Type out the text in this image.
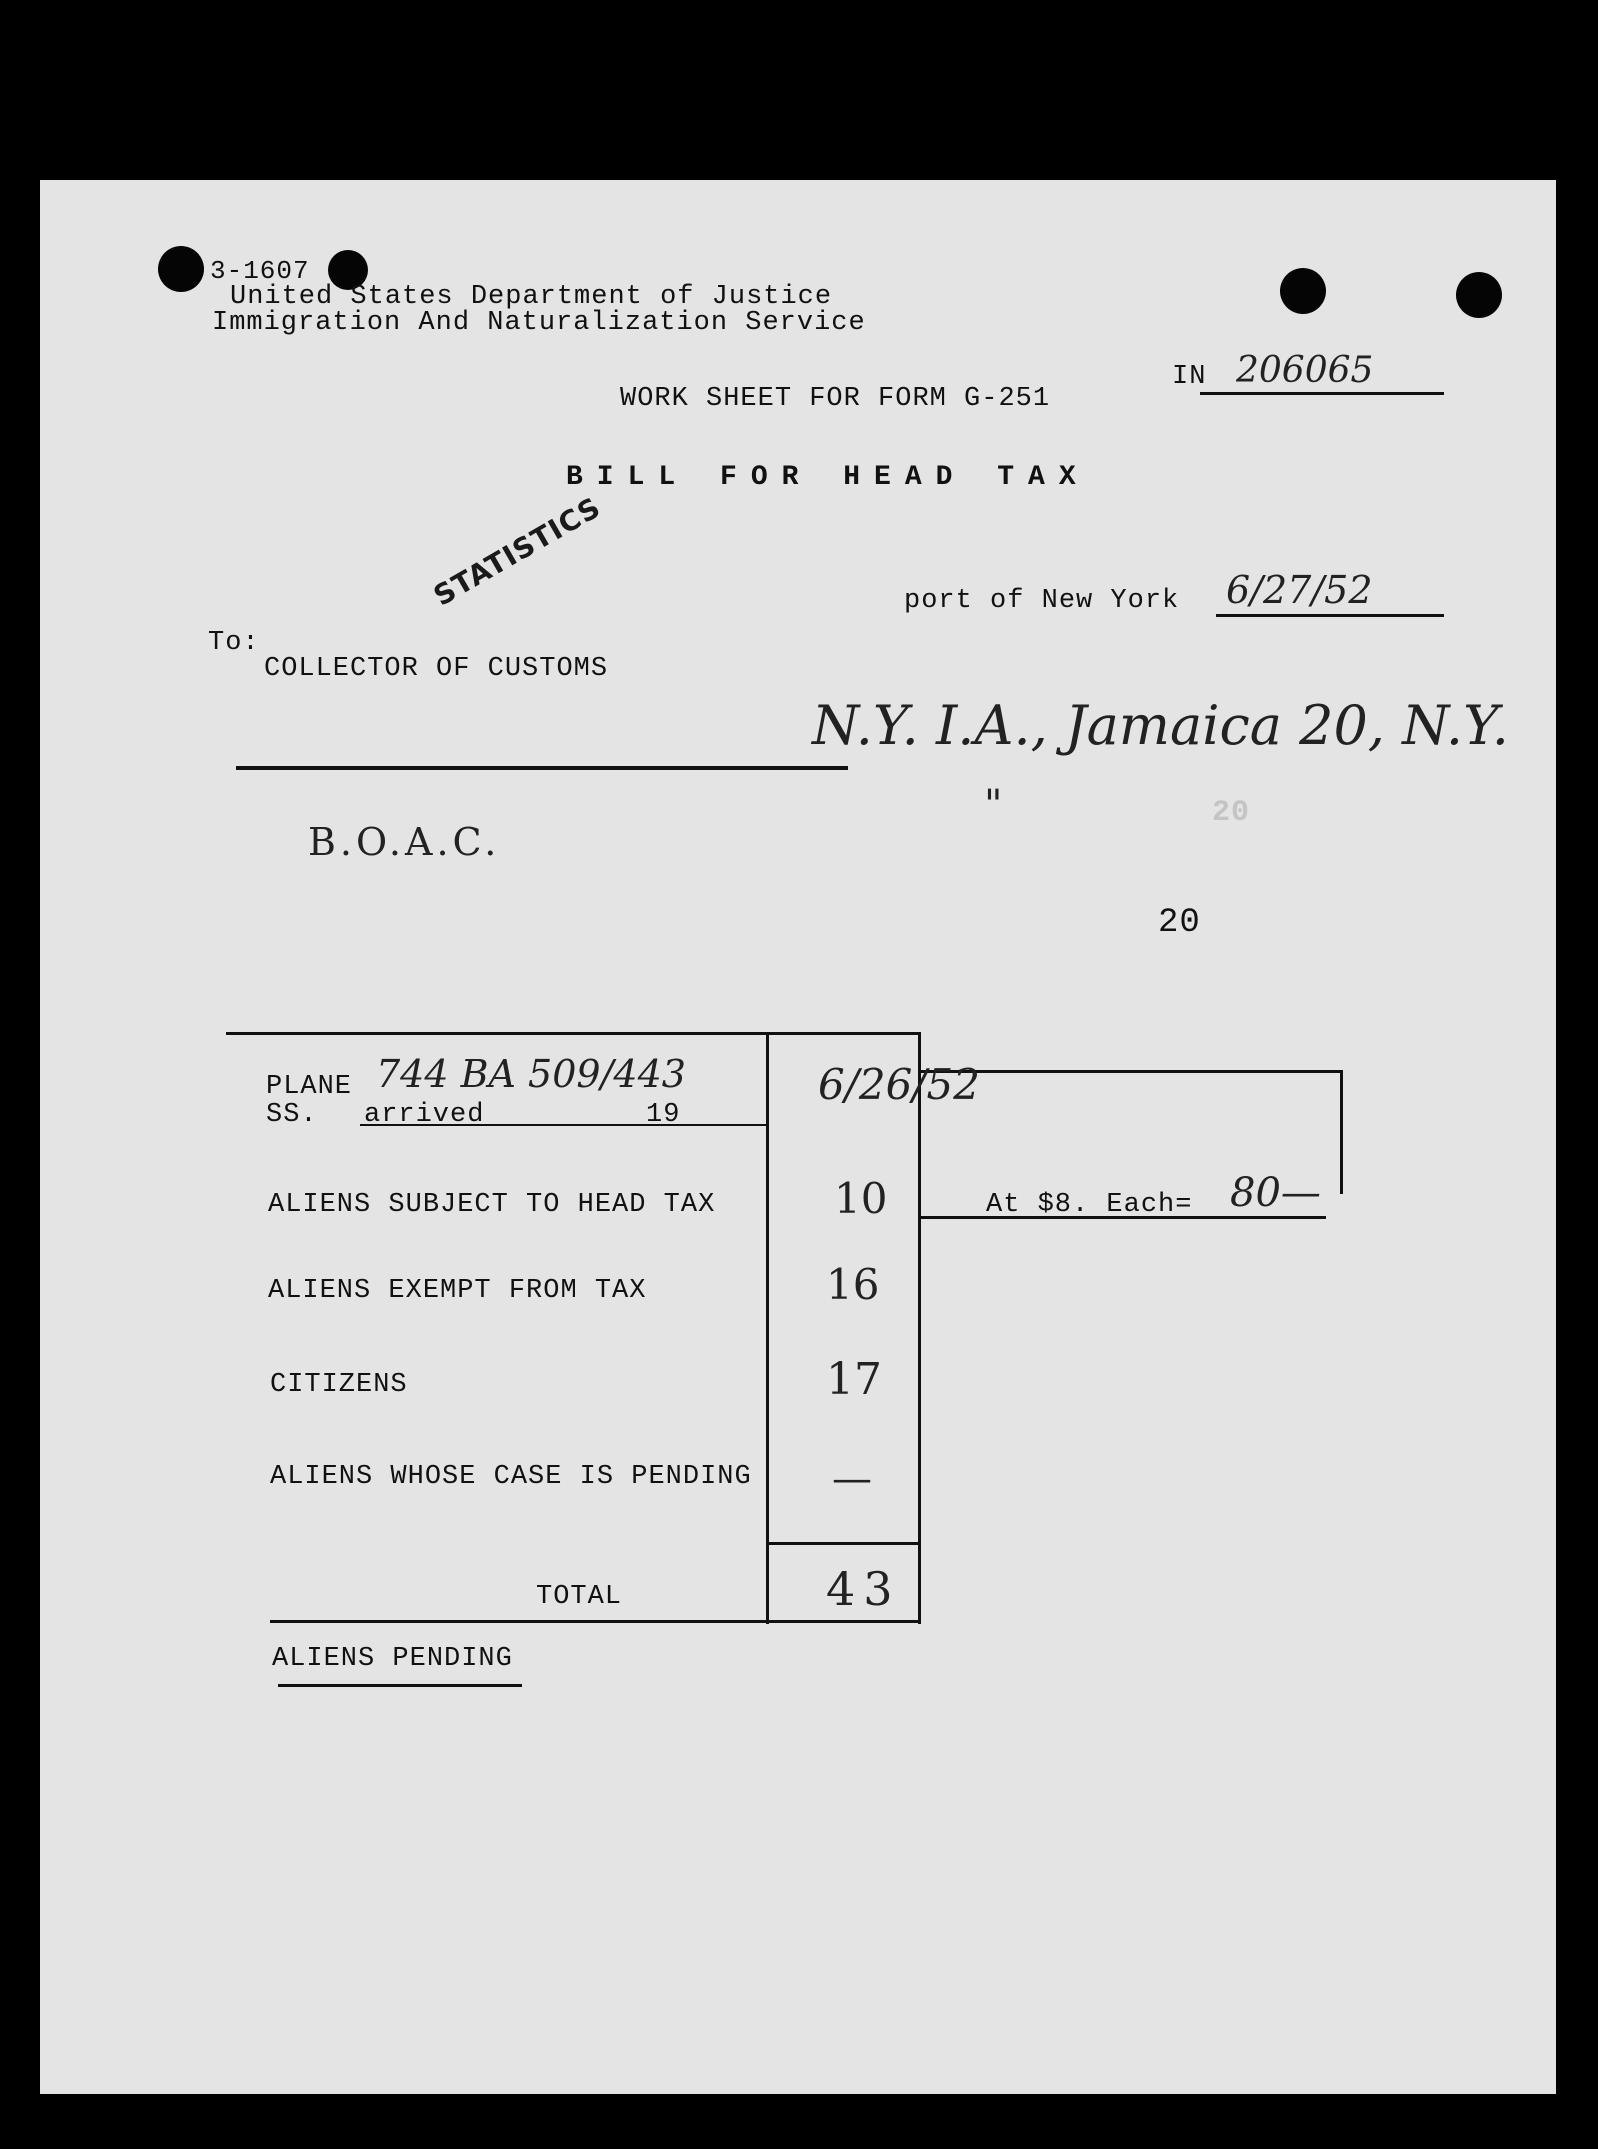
3-1607
United States Department of Justice
Immigration And Naturalization Service
WORK SHEET FOR FORM G-251
IN 206065
BILL FOR HEAD TAX
STATISTICS	port of New York 6/27/52
To:
COLLECTOR OF CUSTOMS
N.Y. I.A., Jamaica 20, N.Y.
"	20
B.O.A.C.
20
PLANE 744 BA 509/443
SS. arrived	19
6/26/52
ALIENS SUBJECT TO HEAD TAX	10	At $8. Each= 80—
ALIENS EXEMPT FROM TAX	16
CITIZENS	17
ALIENS WHOSE CASE IS PENDING —
TOTAL	43
ALIENS PENDING
